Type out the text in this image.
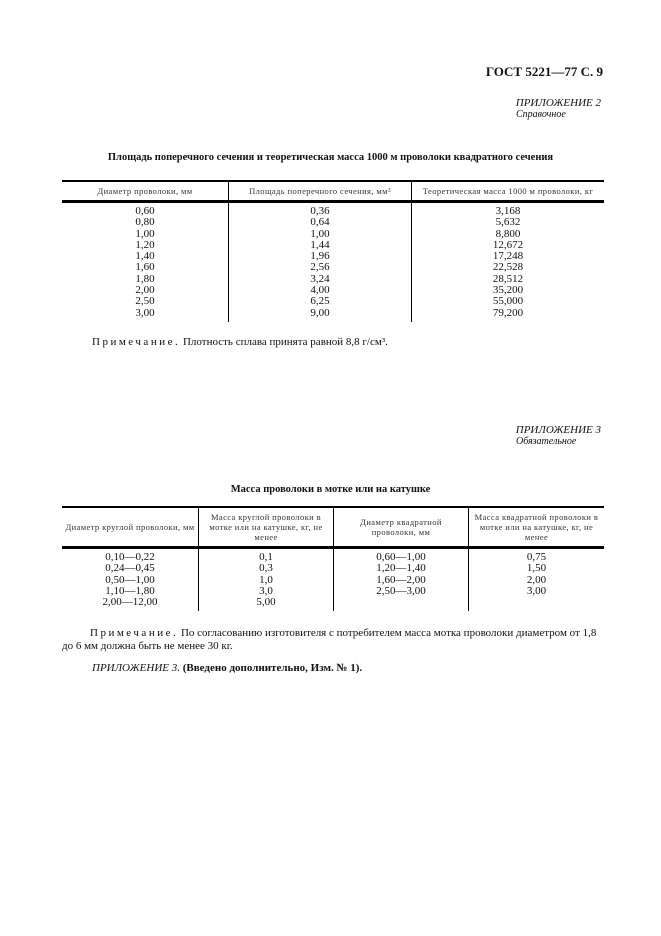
ГОСТ 5221—77 С. 9
ПРИЛОЖЕНИЕ 2
Справочное
Площадь поперечного сечения и теоретическая масса 1000 м проволоки квадратного сечения
Диаметр проволоки, мм	Площадь поперечного сечения, мм²	Теоретическая масса 1000 м проволоки, кг
0,60	0,36	3,168
0,80	0,64	5,632
1,00	1,00	8,800
1,20	1,44	12,672
1,40	1,96	17,248
1,60	2,56	22,528
1,80	3,24	28,512
2,00	4,00	35,200
2,50	6,25	55,000
3,00	9,00	79,200
Примечание. Плотность сплава принята равной 8,8 г/см³.
ПРИЛОЖЕНИЕ 3
Обязательное
Масса проволоки в мотке или на катушке
Диаметр круглой проволоки, мм	Масса круглой проволоки в мотке или на катушке, кг, не менее	Диаметр квадратной проволоки, мм	Масса квадратной проволоки в мотке или на катушке, кг, не менее
0,10—0,22	0,1	0,60—1,00	0,75
0,24—0,45	0,3	1,20—1,40	1,50
0,50—1,00	1,0	1,60—2,00	2,00
1,10—1,80	3,0	2,50—3,00	3,00
2,00—12,00	5,00		
Примечание. По согласованию изготовителя с потребителем масса мотка проволоки диаметром от 1,8 до 6 мм должна быть не менее 30 кг.
ПРИЛОЖЕНИЕ 3. (Введено дополнительно, Изм. № 1).
